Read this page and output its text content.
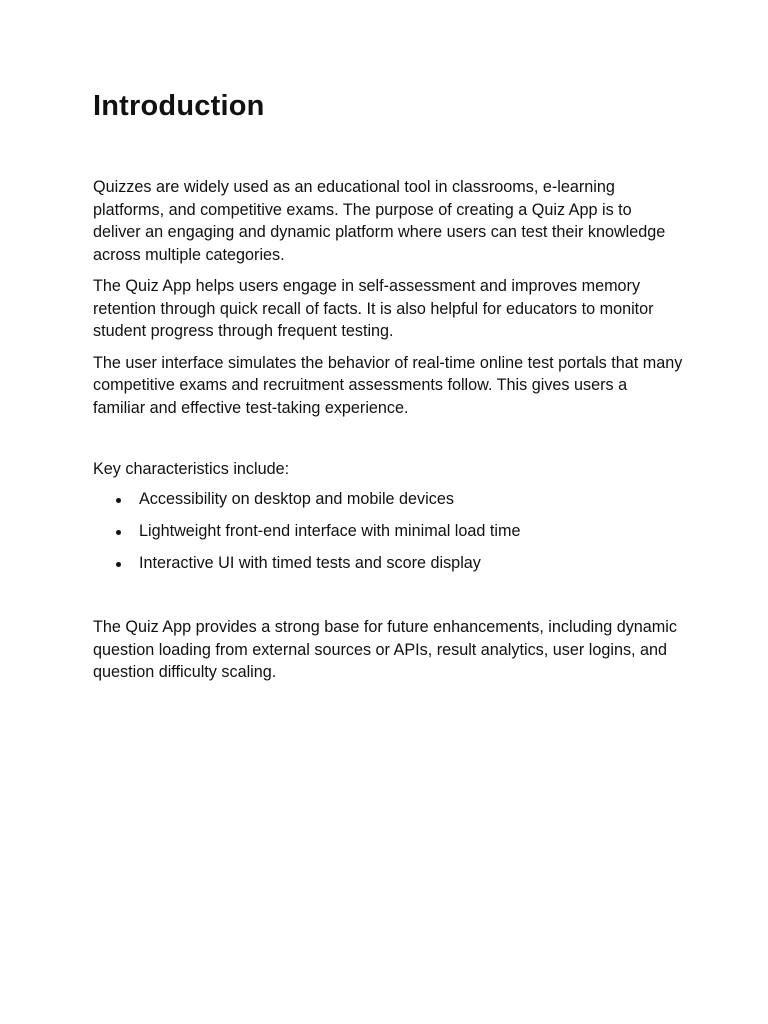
Introduction

Quizzes are widely used as an educational tool in classrooms, e-learning platforms, and competitive exams. The purpose of creating a Quiz App is to deliver an engaging and dynamic platform where users can test their knowledge across multiple categories.

The Quiz App helps users engage in self-assessment and improves memory retention through quick recall of facts. It is also helpful for educators to monitor student progress through frequent testing.

The user interface simulates the behavior of real-time online test portals that many competitive exams and recruitment assessments follow. This gives users a familiar and effective test-taking experience.

Key characteristics include:

Accessibility on desktop and mobile devices
Lightweight front-end interface with minimal load time
Interactive UI with timed tests and score display

The Quiz App provides a strong base for future enhancements, including dynamic question loading from external sources or APIs, result analytics, user logins, and question difficulty scaling.
